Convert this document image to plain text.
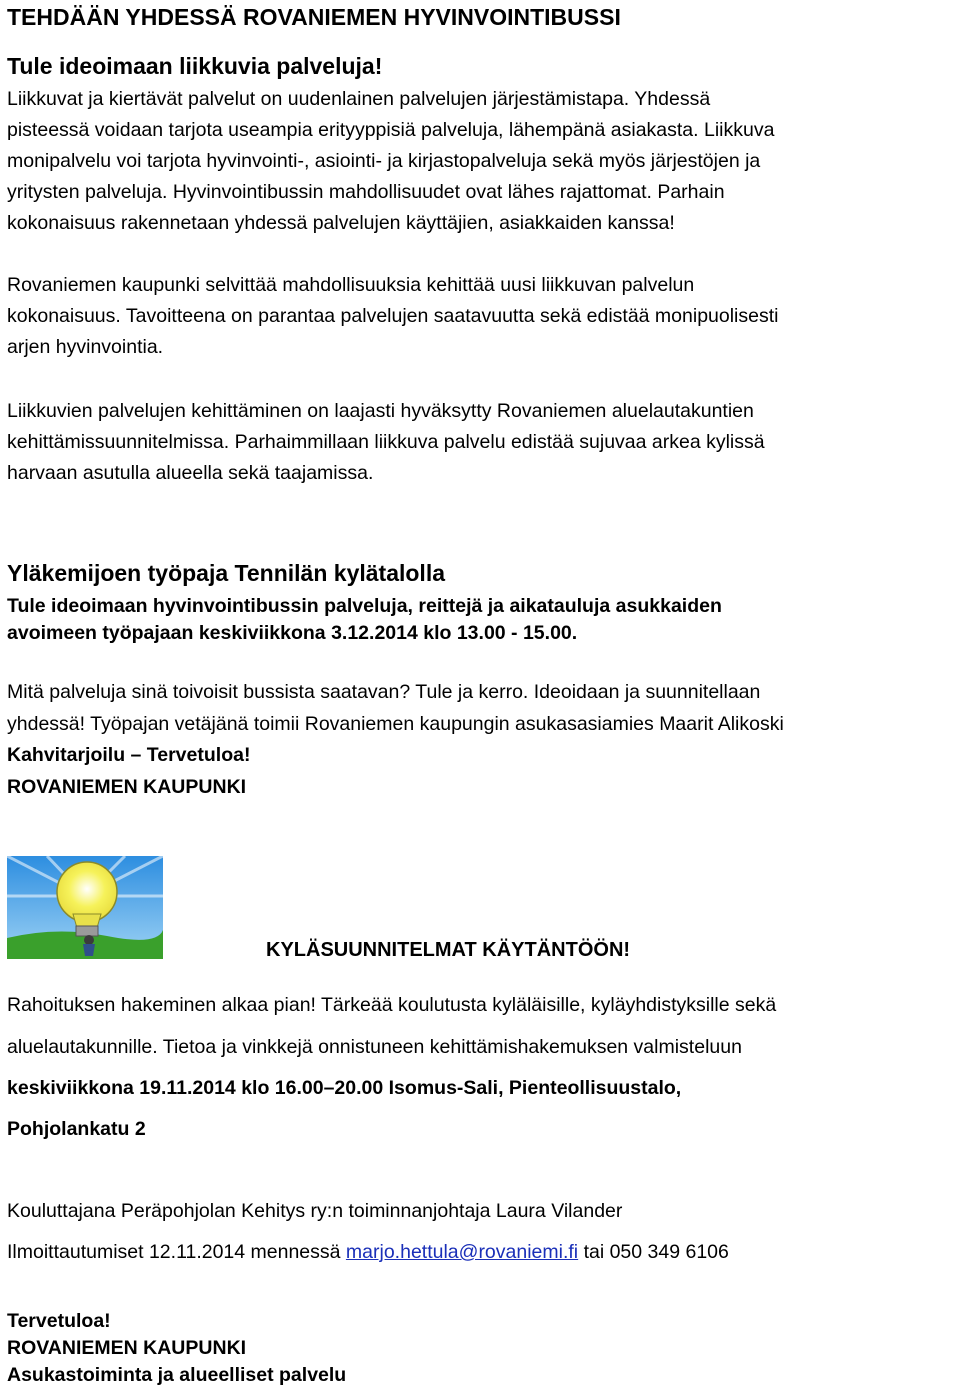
TEHDÄÄN YHDESSÄ ROVANIEMEN HYVINVOINTIBUSSI
Tule ideoimaan liikkuvia palveluja!
Liikkuvat ja kiertävät palvelut on uudenlainen palvelujen järjestämistapa. Yhdessä
pisteessä voidaan tarjota useampia erityyppisiä palveluja, lähempänä asiakasta. Liikkuva
monipalvelu voi tarjota hyvinvointi-, asiointi- ja kirjastopalveluja sekä myös järjestöjen ja
yritysten palveluja. Hyvinvointibussin mahdollisuudet ovat lähes rajattomat. Parhain
kokonaisuus rakennetaan yhdessä palvelujen käyttäjien, asiakkaiden kanssa!
Rovaniemen kaupunki selvittää mahdollisuuksia kehittää uusi liikkuvan palvelun
kokonaisuus. Tavoitteena on parantaa palvelujen saatavuutta sekä edistää monipuolisesti
arjen hyvinvointia.
Liikkuvien palvelujen kehittäminen on laajasti hyväksytty Rovaniemen aluelautakuntien
kehittämissuunnitelmissa. Parhaimmillaan liikkuva palvelu edistää sujuvaa arkea kylissä
harvaan asutulla alueella sekä taajamissa.
Yläkemijoen työpaja Tennilän kylätalolla
Tule ideoimaan hyvinvointibussin palveluja, reittejä ja aikatauluja asukkaiden
avoimeen työpajaan keskiviikkona 3.12.2014 klo 13.00 - 15.00.
Mitä palveluja sinä toivoisit bussista saatavan? Tule ja kerro. Ideoidaan ja suunnitellaan
yhdessä! Työpajan vetäjänä toimii Rovaniemen kaupungin asukasasiamies Maarit Alikoski
Kahvitarjoilu – Tervetuloa!
ROVANIEMEN KAUPUNKI
KYLÄSUUNNITELMAT KÄYTÄNTÖÖN!
Rahoituksen hakeminen alkaa pian! Tärkeää koulutusta kyläläisille, kyläyhdistyksille sekä
aluelautakunnille. Tietoa ja vinkkejä onnistuneen kehittämishakemuksen valmisteluun
keskiviikkona 19.11.2014 klo 16.00–20.00 Isomus-Sali, Pienteollisuustalo,
Pohjolankatu 2
Kouluttajana Peräpohjolan Kehitys ry:n toiminnanjohtaja Laura Vilander
Ilmoittautumiset 12.11.2014 mennessä marjo.hettula@rovaniemi.fi tai 050 349 6106
Tervetuloa!
ROVANIEMEN KAUPUNKI
Asukastoiminta ja alueelliset palvelu
